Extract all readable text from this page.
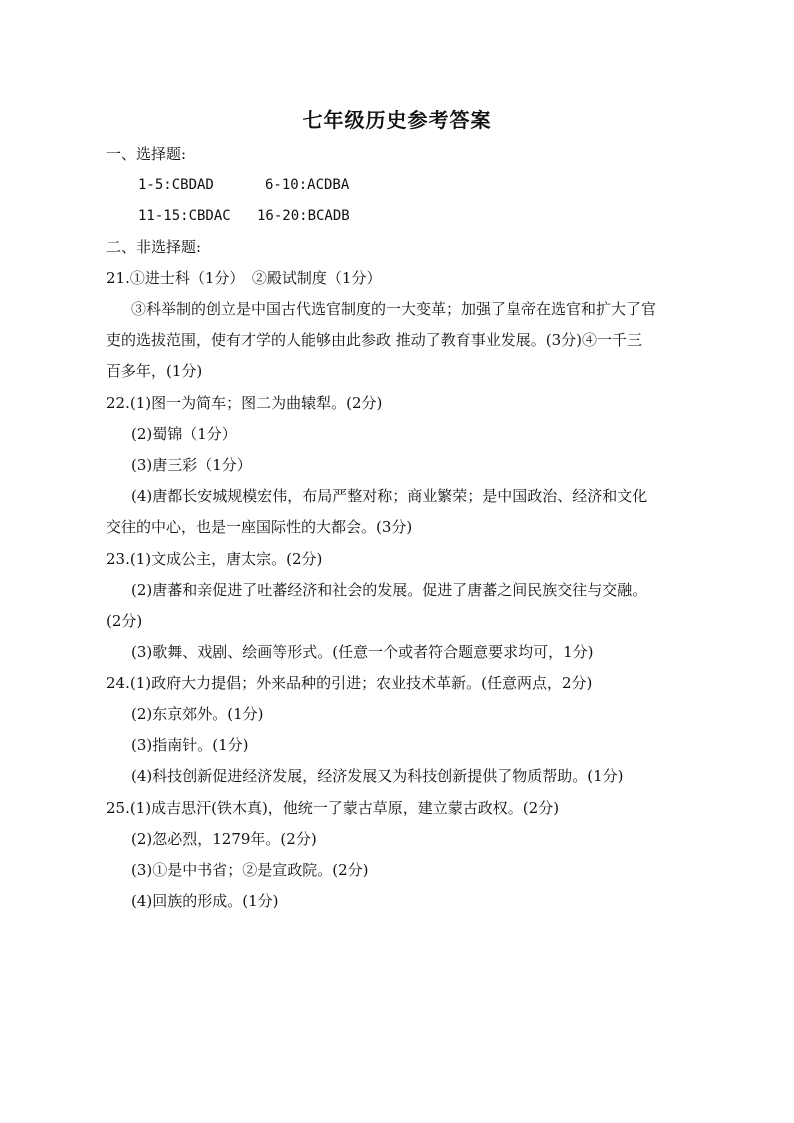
七年级历史参考答案
一、选择题:
1-5:CBDAD	6-10:ACDBA
11-15:CBDAC 16-20:BCADB
二、非选择题:
21.①进士科（1分）　②殿试制度（1分）
③科举制的创立是中国古代选官制度的一大变革；加强了皇帝在选官和扩大了官
吏的选拔范围，使有才学的人能够由此参政 推动了教育事业发展。(3分)④一千三
百多年，(1分)
22.(1)图一为简车；图二为曲辕犁。(2分)
(2)蜀锦（1分）
(3)唐三彩（1分）
(4)唐都长安城规模宏伟，布局严整对称；商业繁荣；是中国政治、经济和文化
交往的中心，也是一座国际性的大都会。(3分)
23.(1)文成公主，唐太宗。(2分)
(2)唐蕃和亲促进了吐蕃经济和社会的发展。促进了唐蕃之间民族交往与交融。
(2分)
(3)歌舞、戏剧、绘画等形式。(任意一个或者符合题意要求均可，1分)
24.(1)政府大力提倡；外来品种的引进；农业技术革新。(任意两点，2分)
(2)东京郊外。(1分)
(3)指南针。(1分)
(4)科技创新促进经济发展，经济发展又为科技创新提供了物质帮助。(1分)
25.(1)成吉思汗(铁木真)，他统一了蒙古草原，建立蒙古政权。(2分)
(2)忽必烈，1279年。(2分)
(3)①是中书省；②是宣政院。(2分)
(4)回族的形成。(1分)
